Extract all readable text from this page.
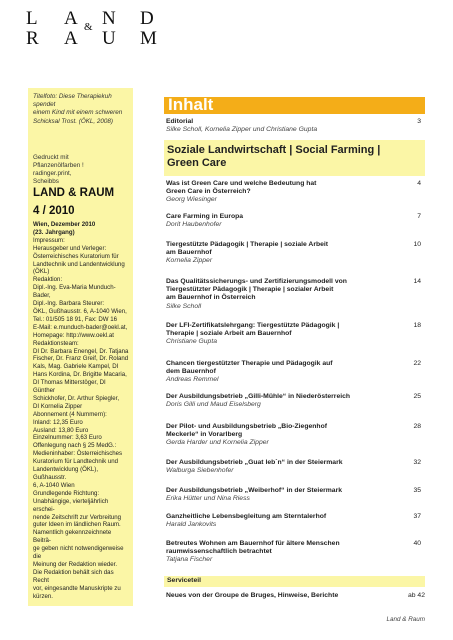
L A N D
R A U M
&
Titelfoto: Diese Therapiekuh spendet
einem Kind mit einem schweren
Schicksal Trost. (ÖKL, 2008)
Gedruckt mit
Pflanzenölfarben !
radinger.print,
Scheibbs
LAND & RAUM
4 / 2010
Wien, Dezember 2010
(23. Jahrgang)
Impressum:
Herausgeber und Verleger:
Österreichisches Kuratorium für
Landtechnik und Landentwicklung
(ÖKL)
Redaktion:
Dipl.-Ing. Eva-Maria Munduch-Bader,
Dipl.-Ing. Barbara Steurer:
ÖKL, Gußhausstr. 6, A-1040 Wien,
Tel.: 01/505 18 91, Fax: DW 16
E-Mail: e.munduch-bader@oekl.at,
Homepage: http://www.oekl.at
Redaktionsteam:
DI Dr. Barbara Enengel, Dr. Tatjana
Fischer, Dr. Franz Greif, Dr. Roland
Kals, Mag. Gabriele Kampel, DI
Hans Kordina, Dr. Brigitte Macaria,
DI Thomas Mitterstöger, DI Günther
Schickhofer, Dr. Arthur Spiegler,
DI Kornelia Zipper
Abonnement (4 Nummern):
Inland: 12,35 Euro
Ausland: 13,80 Euro
Einzelnummer: 3,63 Euro
Offenlegung nach § 25 MedG.:
Medieninhaber: Österreichisches
Kuratorium für Landtechnik und
Landentwicklung (ÖKL), Gußhausstr.
6, A-1040 Wien
Grundlegende Richtung:
Unabhängige, vierteljährlich erschei-
nende Zeitschrift zur Verbreitung
guter Ideen im ländlichen Raum.
Namentlich gekennzeichnete Beiträ-
ge geben nicht notwendigerweise die
Meinung der Redaktion wieder.
Die Redaktion behält sich das Recht
vor, eingesandte Manuskripte zu
kürzen.
Inhalt
Editorial
Silke Scholl, Kornelia Zipper und Christiane Gupta
3
Soziale Landwirtschaft | Social Farming |
Green Care
Was ist Green Care und welche Bedeutung hat
Green Care in Österreich?
Georg Wiesinger
4
Care Farming in Europa
Dorit Haubenhofer
7
Tiergestützte Pädagogik | Therapie | soziale Arbeit
am Bauernhof
Kornelia Zipper
10
Das Qualitätssicherungs- und Zertifizierungsmodell von
Tiergestützter Pädagogik | Therapie | sozialer Arbeit
am Bauernhof in Österreich
Silke Scholl
14
Der LFI-Zertifikatslehrgang: Tiergestützte Pädagogik |
Therapie | soziale Arbeit am Bauernhof
Christiane Gupta
18
Chancen tiergestützter Therapie und Pädagogik auf
dem Bauernhof
Andreas Remmel
22
Der Ausbildungsbetrieb „Gilli-Mühle“ in Niederösterreich
Doris Gilli und Maud Eiselsberg
25
Der Pilot- und Ausbildungsbetrieb „Bio-Ziegenhof
Meckerle“ in Vorarlberg
Gerda Harder und Kornelia Zipper
28
Der Ausbildungsbetrieb „Guat leb´n“ in der Steiermark
Walburga Siebenhofer
32
Der Ausbildungsbetrieb „Weiberhof“ in der Steiermark
Erika Hütter und Nina Riess
35
Ganzheitliche Lebensbegleitung am Sterntalerhof
Harald Jankovits
37
Betreutes Wohnen am Bauernhof für ältere Menschen
raumwissenschaftlich betrachtet
Tatjana Fischer
40
Serviceteil
Neues von der Groupe de Bruges, Hinweise, Berichte	ab 42
Land & Raum
